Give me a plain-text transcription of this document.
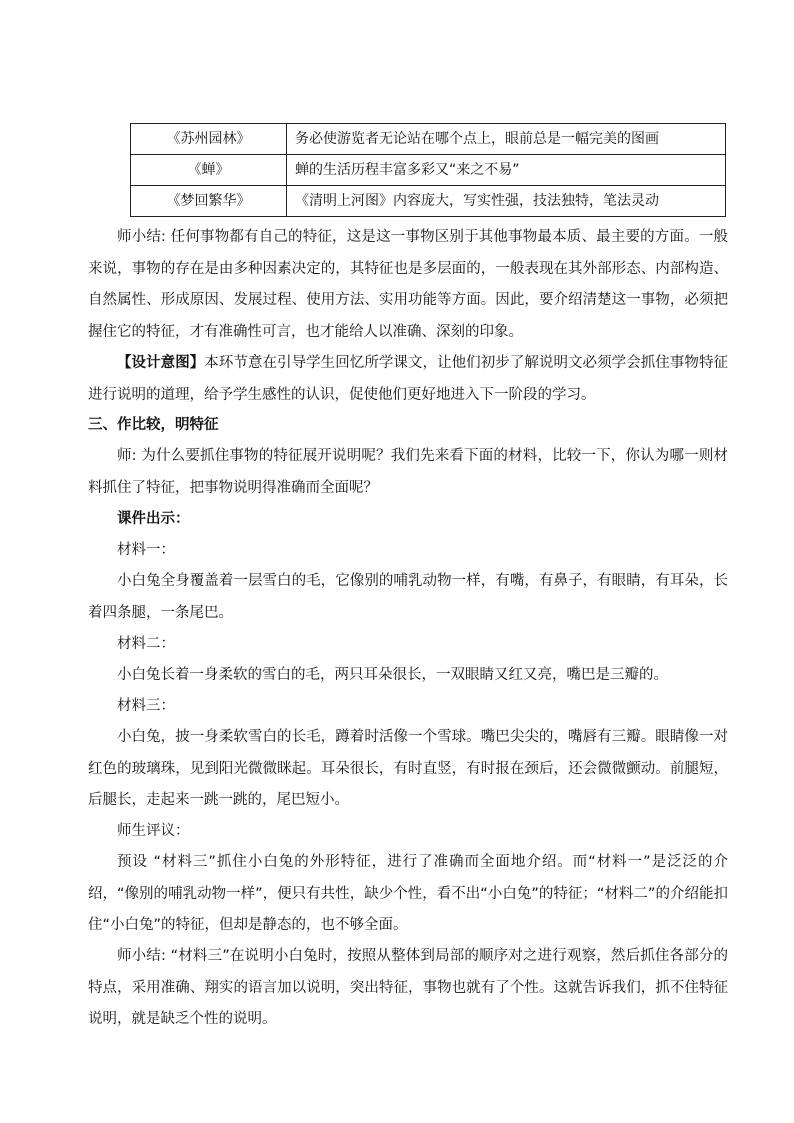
《苏州园林》	务必使游览者无论站在哪个点上，眼前总是一幅完美的图画
《蝉》	蝉的生活历程丰富多彩又“来之不易”
《梦回繁华》	《清明上河图》内容庞大，写实性强，技法独特，笔法灵动

师小结: 任何事物都有自己的特征，这是这一事物区别于其他事物最本质、最主要的方面。一般来说，事物的存在是由多种因素决定的，其特征也是多层面的，一般表现在其外部形态、内部构造、自然属性、形成原因、发展过程、使用方法、实用功能等方面。因此，要介绍清楚这一事物，必须把握住它的特征，才有准确性可言，也才能给人以准确、深刻的印象。

【设计意图】本环节意在引导学生回忆所学课文，让他们初步了解说明文必须学会抓住事物特征进行说明的道理，给予学生感性的认识，促使他们更好地进入下一阶段的学习。

三、作比较，明特征

师: 为什么要抓住事物的特征展开说明呢？我们先来看下面的材料，比较一下，你认为哪一则材料抓住了特征，把事物说明得准确而全面呢？

课件出示：

材料一：

小白兔全身覆盖着一层雪白的毛，它像别的哺乳动物一样，有嘴，有鼻子，有眼睛，有耳朵，长着四条腿，一条尾巴。

材料二：

小白兔长着一身柔软的雪白的毛，两只耳朵很长，一双眼睛又红又亮，嘴巴是三瓣的。

材料三：

小白兔，披一身柔软雪白的长毛，蹲着时活像一个雪球。嘴巴尖尖的，嘴唇有三瓣。眼睛像一对红色的玻璃珠，见到阳光微微眯起。耳朵很长，有时直竖，有时报在颈后，还会微微颤动。前腿短，后腿长，走起来一跳一跳的，尾巴短小。

师生评议：

预设 “材料三”抓住小白兔的外形特征，进行了准确而全面地介绍。而“材料一”是泛泛的介绍，“像别的哺乳动物一样”，便只有共性，缺少个性，看不出“小白兔”的特征；“材料二”的介绍能扣住“小白兔”的特征，但却是静态的，也不够全面。

师小结: “材料三”在说明小白兔时，按照从整体到局部的顺序对之进行观察，然后抓住各部分的特点，采用准确、翔实的语言加以说明，突出特征，事物也就有了个性。这就告诉我们，抓不住特征说明，就是缺乏个性的说明。
